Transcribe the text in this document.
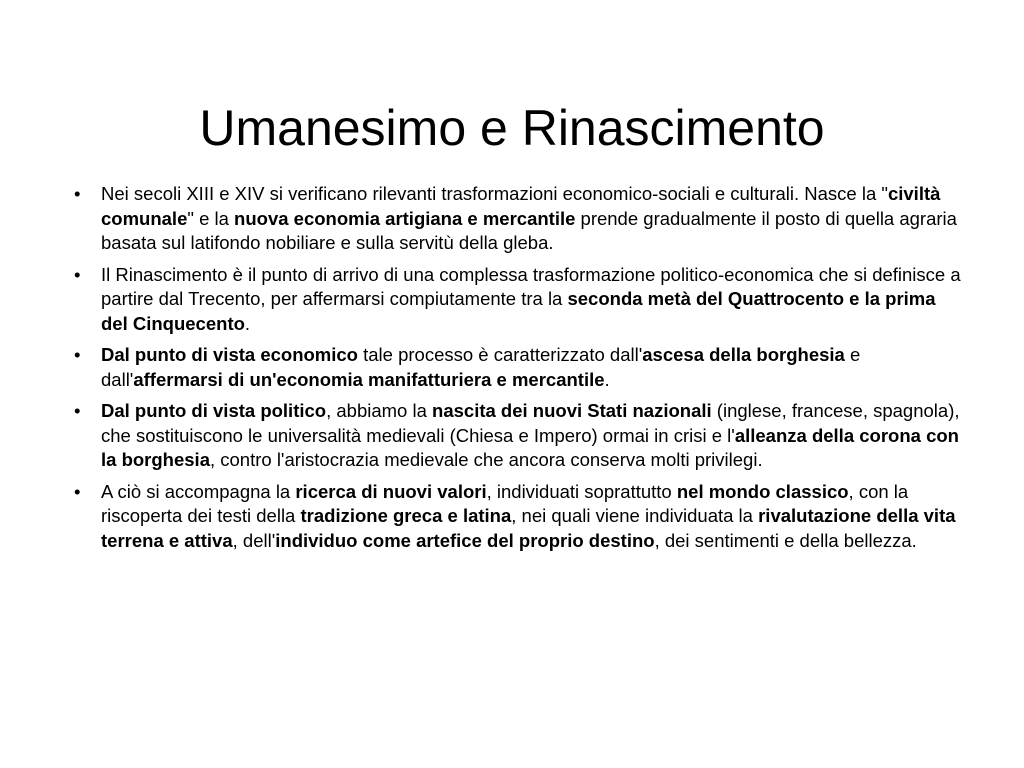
Umanesimo e Rinascimento
•	Nei secoli XIII e XIV si verificano rilevanti trasformazioni economico-sociali e culturali. Nasce la "civiltà comunale" e la nuova economia artigiana e mercantile prende gradualmente il posto di quella agraria basata sul latifondo nobiliare e sulla servitù della gleba.
•	Il Rinascimento è il punto di arrivo di una complessa trasformazione politico-economica che si definisce a partire dal Trecento, per affermarsi compiutamente tra la seconda metà del Quattrocento e la prima del Cinquecento.
•	Dal punto di vista economico tale processo è caratterizzato dall'ascesa della borghesia e dall'affermarsi di un'economia manifatturiera e mercantile.
•	Dal punto di vista politico, abbiamo la nascita dei nuovi Stati nazionali (inglese, francese, spagnola), che sostituiscono le universalità medievali (Chiesa e Impero) ormai in crisi e l'alleanza della corona con la borghesia, contro l'aristocrazia medievale che ancora conserva molti privilegi.
•	A ciò si accompagna la ricerca di nuovi valori, individuati soprattutto nel mondo classico, con la riscoperta dei testi della tradizione greca e latina, nei quali viene individuata la rivalutazione della vita terrena e attiva, dell'individuo come artefice del proprio destino, dei sentimenti e della bellezza.
